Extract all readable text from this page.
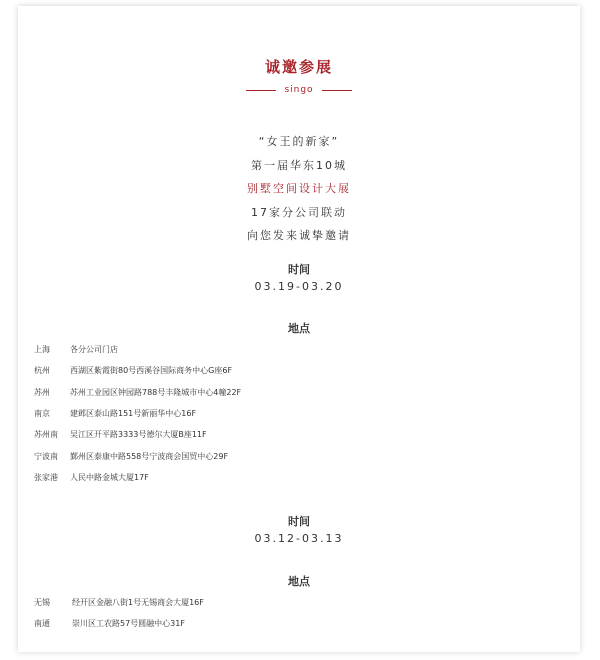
诚邀参展
singo
“女王的新家”
第一届华东10城
别墅空间设计大展
17家分公司联动
向您发来诚挚邀请
时间
03.19-03.20
地点
上海	各分公司门店
杭州	西湖区紫霞街80号西溪谷国际商务中心G座6F
苏州	苏州工业园区钟园路788号丰隆城市中心4幢22F
南京	建邺区泰山路151号新丽华中心16F
苏州南	吴江区开平路3333号德尔大厦B座11F
宁波南	鄞州区泰康中路558号宁波商会国贸中心29F
张家港	人民中路金城大厦17F
时间
03.12-03.13
地点
无锡	经开区金融八街1号无锡商会大厦16F
南通	崇川区工农路57号圆融中心31F
